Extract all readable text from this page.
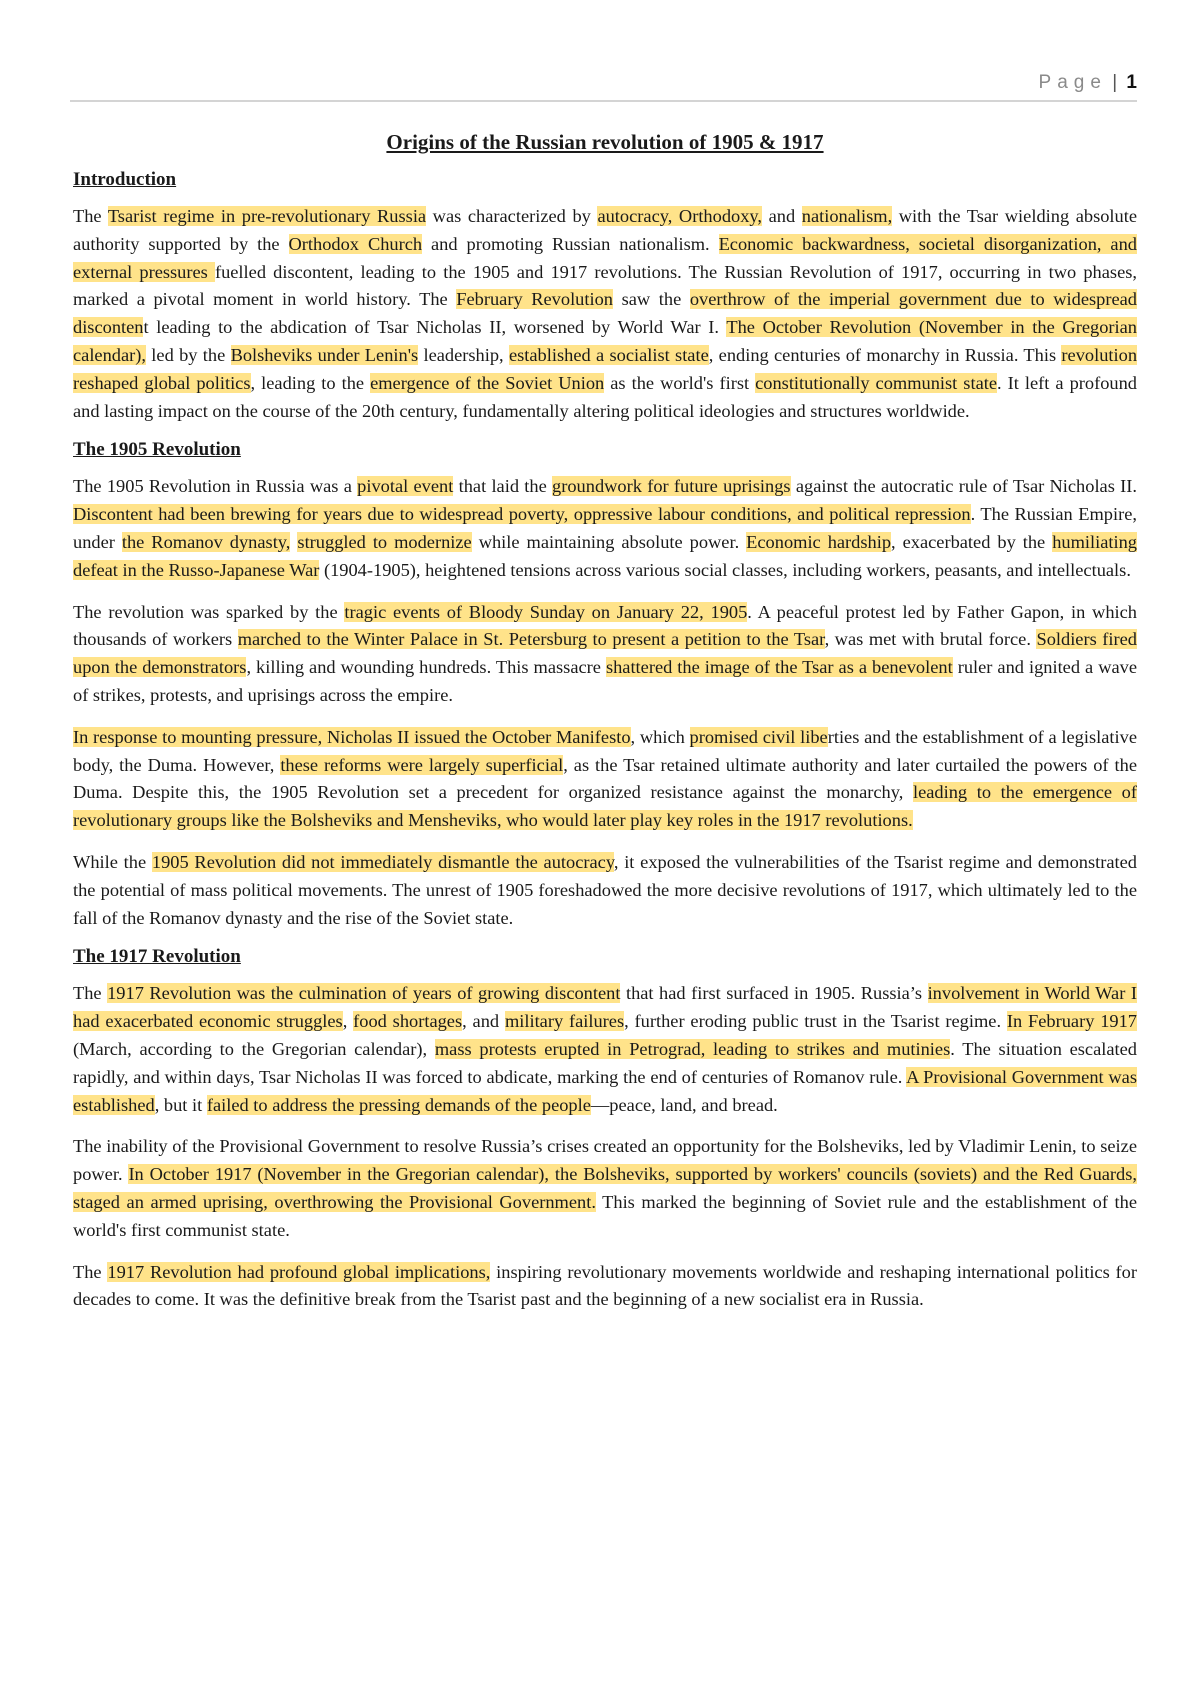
Page | 1
Origins of the Russian revolution of 1905 & 1917
Introduction

The Tsarist regime in pre-revolutionary Russia was characterized by autocracy, Orthodoxy, and nationalism, with the Tsar wielding absolute authority supported by the Orthodox Church and promoting Russian nationalism. Economic backwardness, societal disorganization, and external pressures fuelled discontent, leading to the 1905 and 1917 revolutions. The Russian Revolution of 1917, occurring in two phases, marked a pivotal moment in world history. The February Revolution saw the overthrow of the imperial government due to widespread discontent leading to the abdication of Tsar Nicholas II, worsened by World War I. The October Revolution (November in the Gregorian calendar), led by the Bolsheviks under Lenin's leadership, established a socialist state, ending centuries of monarchy in Russia. This revolution reshaped global politics, leading to the emergence of the Soviet Union as the world's first constitutionally communist state. It left a profound and lasting impact on the course of the 20th century, fundamentally altering political ideologies and structures worldwide.

The 1905 Revolution

The 1905 Revolution in Russia was a pivotal event that laid the groundwork for future uprisings against the autocratic rule of Tsar Nicholas II. Discontent had been brewing for years due to widespread poverty, oppressive labour conditions, and political repression. The Russian Empire, under the Romanov dynasty, struggled to modernize while maintaining absolute power. Economic hardship, exacerbated by the humiliating defeat in the Russo-Japanese War (1904-1905), heightened tensions across various social classes, including workers, peasants, and intellectuals.

The revolution was sparked by the tragic events of Bloody Sunday on January 22, 1905. A peaceful protest led by Father Gapon, in which thousands of workers marched to the Winter Palace in St. Petersburg to present a petition to the Tsar, was met with brutal force. Soldiers fired upon the demonstrators, killing and wounding hundreds. This massacre shattered the image of the Tsar as a benevolent ruler and ignited a wave of strikes, protests, and uprisings across the empire.

In response to mounting pressure, Nicholas II issued the October Manifesto, which promised civil liberties and the establishment of a legislative body, the Duma. However, these reforms were largely superficial, as the Tsar retained ultimate authority and later curtailed the powers of the Duma. Despite this, the 1905 Revolution set a precedent for organized resistance against the monarchy, leading to the emergence of revolutionary groups like the Bolsheviks and Mensheviks, who would later play key roles in the 1917 revolutions.

While the 1905 Revolution did not immediately dismantle the autocracy, it exposed the vulnerabilities of the Tsarist regime and demonstrated the potential of mass political movements. The unrest of 1905 foreshadowed the more decisive revolutions of 1917, which ultimately led to the fall of the Romanov dynasty and the rise of the Soviet state.

The 1917 Revolution

The 1917 Revolution was the culmination of years of growing discontent that had first surfaced in 1905. Russia’s involvement in World War I had exacerbated economic struggles, food shortages, and military failures, further eroding public trust in the Tsarist regime. In February 1917 (March, according to the Gregorian calendar), mass protests erupted in Petrograd, leading to strikes and mutinies. The situation escalated rapidly, and within days, Tsar Nicholas II was forced to abdicate, marking the end of centuries of Romanov rule. A Provisional Government was established, but it failed to address the pressing demands of the people—peace, land, and bread.

The inability of the Provisional Government to resolve Russia’s crises created an opportunity for the Bolsheviks, led by Vladimir Lenin, to seize power. In October 1917 (November in the Gregorian calendar), the Bolsheviks, supported by workers' councils (soviets) and the Red Guards, staged an armed uprising, overthrowing the Provisional Government. This marked the beginning of Soviet rule and the establishment of the world's first communist state.

The 1917 Revolution had profound global implications, inspiring revolutionary movements worldwide and reshaping international politics for decades to come. It was the definitive break from the Tsarist past and the beginning of a new socialist era in Russia.
